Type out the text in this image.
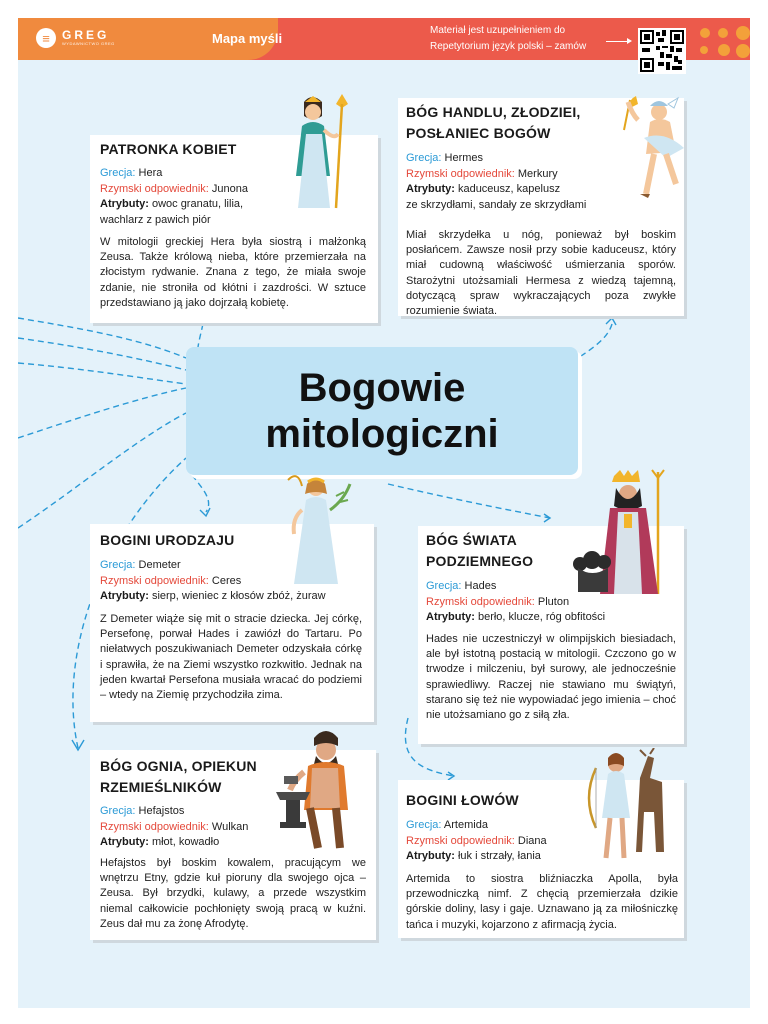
≡	GREG
WYDAWNICTWO GREG	Mapa myśli
Materiał jest uzupełnieniem do
Repetytorium język polski – zamów
PATRONKA KOBIET
Grecja: Hera
Rzymski odpowiednik: Junona
Atrybuty: owoc granatu, lilia,
wachlarz z pawich piór
W mitologii greckiej Hera była siostrą i małżonką Zeusa. Także królową nieba, które przemierzała na złocistym rydwanie. Znana z tego, że miała swoje zdanie, nie stroniła od kłótni i zazdrości. W sztuce przedstawiano ją jako dojrzałą kobietę.
BÓG HANDLU, ZŁODZIEI,
POSŁANIEC BOGÓW
Grecja: Hermes
Rzymski odpowiednik: Merkury
Atrybuty: kaduceusz, kapelusz
ze skrzydłami, sandały ze skrzydłami
Miał skrzydełka u nóg, ponieważ był boskim posłańcem. Zawsze nosił przy sobie kaduceusz, który miał cudowną właściwość uśmierzania sporów. Starożytni utożsamiali Hermesa z wiedzą tajemną, dotyczącą spraw wykraczających poza zwykłe rozumienie świata.
Bogowie mitologiczni
BOGINI URODZAJU
Grecja: Demeter
Rzymski odpowiednik: Ceres
Atrybuty: sierp, wieniec z kłosów zbóż, żuraw
Z Demeter wiąże się mit o stracie dziecka. Jej córkę, Persefonę, porwał Hades i zawiózł do Tartaru. Po niełatwych poszukiwaniach Demeter odzyskała córkę i sprawiła, że na Ziemi wszystko rozkwitło. Jednak na jeden kwartał Persefona musiała wracać do podziemi – wtedy na Ziemię przychodziła zima.
BÓG ŚWIATA
PODZIEMNEGO
Grecja: Hades
Rzymski odpowiednik: Pluton
Atrybuty: berło, klucze, róg obfitości
Hades nie uczestniczył w olimpijskich biesiadach, ale był istotną postacią w mitologii. Czczono go w trwodze i milczeniu, był surowy, ale jednocześnie sprawiedliwy. Raczej nie stawiano mu świątyń, starano się też nie wypowiadać jego imienia – choć nie utożsamiano go z siłą zła.
BÓG OGNIA, OPIEKUN
RZEMIEŚLNIKÓW
Grecja: Hefajstos
Rzymski odpowiednik: Wulkan
Atrybuty: młot, kowadło
Hefajstos był boskim kowalem, pracującym we wnętrzu Etny, gdzie kuł pioruny dla swojego ojca – Zeusa. Był brzydki, kulawy, a przede wszystkim niemal całkowicie pochłonięty swoją pracą w kuźni. Zeus dał mu za żonę Afrodytę.
BOGINI ŁOWÓW
Grecja: Artemida
Rzymski odpowiednik: Diana
Atrybuty: łuk i strzały, łania
Artemida to siostra bliźniaczka Apolla, była przewodniczką nimf. Z chęcią przemierzała dzikie górskie doliny, lasy i gaje. Uznawano ją za miłośniczkę tańca i muzyki, kojarzono z afirmacją życia.
